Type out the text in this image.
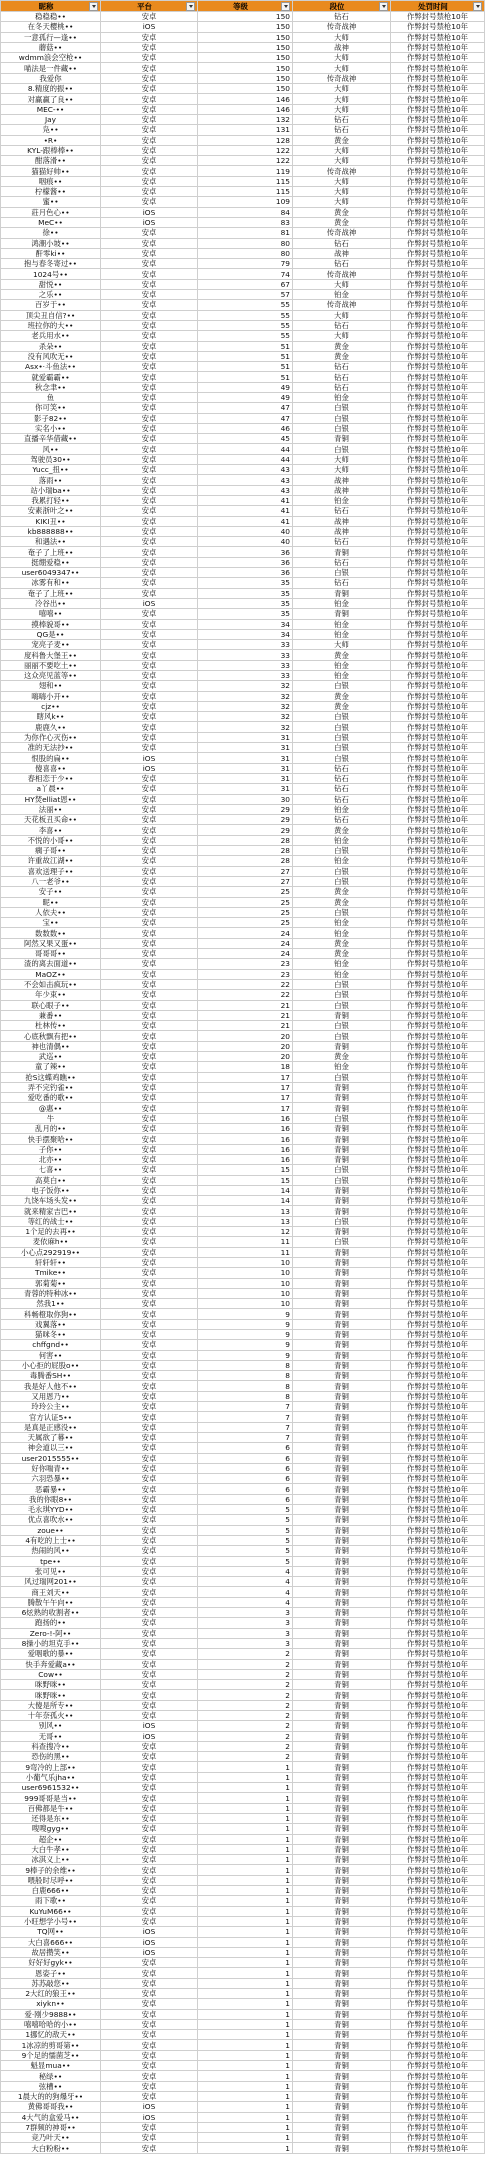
昵称	平台	等级	段位	处罚时间

稳稳稳••	安卓	150	钻石	作弊封号禁枪10年
在冬天樱桃••	iOS	150	传奇战神	作弊封号禁枪10年
一意孤行—逢••	安卓	150	大师	作弊封号禁枪10年
蘑菇••	安卓	150	战神	作弊封号禁枪10年
wdmm浪会空枪••	安卓	150	大师	作弊封号禁枪10年
喵法是一件藏••	安卓	150	大师	作弊封号禁枪10年
我爱你	安卓	150	传奇战神	作弊封号禁枪10年
8.精度的振••	安卓	150	大师	作弊封号禁枪10年
对赢赢了良••	安卓	146	大师	作弊封号禁枪10年
MEC-••	安卓	146	大师	作弊封号禁枪10年
Jay	安卓	132	钻石	作弊封号禁枪10年
凫••	安卓	131	钻石	作弊封号禁枪10年
•R•	安卓	128	黄金	作弊封号禁枪10年
KYL-跟棒棒••	安卓	122	大师	作弊封号禁枪10年
酣落滑••	安卓	122	大师	作弊封号禁枪10年
猫猫好帅••	安卓	119	传奇战神	作弊封号禁枪10年
咽痕••	安卓	115	大师	作弊封号禁枪10年
柠檬酱••	安卓	115	大师	作弊封号禁枪10年
蜜••	安卓	109	大师	作弊封号禁枪10年
莊月色心••	iOS	84	黄金	作弊封号禁枪10年
MeC••	iOS	83	黄金	作弊封号禁枪10年
徐••	安卓	81	传奇战神	作弊封号禁枪10年
鸿潮小坡••	安卓	80	钻石	作弊封号禁枪10年
酐零ki••	安卓	80	战神	作弊封号禁枪10年
抱与春冬寄过••	安卓	79	钻石	作弊封号禁枪10年
1024号••	安卓	74	传奇战神	作弊封号禁枪10年
甜悦••	安卓	67	大师	作弊封号禁枪10年
之乐••	安卓	57	铂金	作弊封号禁枪10年
百岁于••	安卓	55	传奇战神	作弊封号禁枪10年
顶尖丑自信?••	安卓	55	大师	作弊封号禁枪10年
班拉你的大••	安卓	55	钻石	作弊封号禁枪10年
老兵用水••	安卓	55	大师	作弊封号禁枪10年
杀朵••	安卓	51	黄金	作弊封号禁枪10年
没有风吹无••	安卓	51	黄金	作弊封号禁枪10年
Asx•·斗鱼法••	安卓	51	钻石	作弊封号禁枪10年
就爱霸霸••	安卓	51	钻石	作弊封号禁枪10年
秋念聿••	安卓	49	钻石	作弊封号禁枪10年
鱼	安卓	49	铂金	作弊封号禁枪10年
你可笑••	安卓	47	白银	作弊封号禁枪10年
影子82••	安卓	47	白银	作弊封号禁枪10年
实名小••	安卓	46	白银	作弊封号禁枪10年
直播辛华借藏••	安卓	45	青铜	作弊封号禁枪10年
风••	安卓	44	白银	作弊封号禁枪10年
驾驶员30••	安卓	44	大师	作弊封号禁枪10年
Yucc_扭••	安卓	43	大师	作弊封号禁枪10年
落雨••	安卓	43	战神	作弊封号禁枪10年
站小瑞ba••	安卓	43	战神	作弊封号禁枪10年
我累打轻••	安卓	41	铂金	作弊封号禁枪10年
安素浙叶之••	安卓	41	钻石	作弊封号禁枪10年
KIKI丑••	安卓	41	战神	作弊封号禁枪10年
kb888888••	安卓	40	战神	作弊封号禁枪10年
和遇法••	安卓	40	钻石	作弊封号禁枪10年
奄子了上班••	安卓	36	青铜	作弊封号禁枪10年
挺绷爱稳••	安卓	36	钻石	作弊封号禁枪10年
user6049347••	安卓	36	白银	作弊封号禁枪10年
冰雾有和••	安卓	35	钻石	作弊封号禁枪10年
奄子了上班••	安卓	35	青铜	作弊封号禁枪10年
冷谷出••	iOS	35	铂金	作弊封号禁枪10年
嘻嘻••	安卓	35	青铜	作弊封号禁枪10年
摸棒貌哥••	安卓	34	铂金	作弊封号禁枪10年
QG是••	安卓	34	铂金	作弊封号禁枪10年
宠亮子麦••	安卓	33	大师	作弊封号禁枪10年
度科鲁大堡王••	安卓	33	黄金	作弊封号禁枪10年
丽丽不要吃土••	安卓	33	铂金	作弊封号禁枪10年
这众亮见蓝等••	安卓	33	铂金	作弊封号禁枪10年
翅和••	安卓	32	白银	作弊封号禁枪10年
嗨嗨小开••	安卓	32	黄金	作弊封号禁枪10年
cjz••	安卓	32	黄金	作弊封号禁枪10年
瞎风k••	安卓	32	白银	作弊封号禁枪10年
鹿鹿久••	安卓	32	白银	作弊封号禁枪10年
为你作心灭伤••	安卓	31	白银	作弊封号禁枪10年
准的无法抄••	安卓	31	白银	作弊封号禁枪10年
恨股的扁••	iOS	31	白银	作弊封号禁枪10年
傻喜喜••	iOS	31	钻石	作弊封号禁枪10年
春相恋于少••	安卓	31	钻石	作弊封号禁枪10年
a丫晨••	安卓	31	钻石	作弊封号禁枪10年
HY焚elliat恩••	安卓	30	钻石	作弊封号禁枪10年
法丽••	安卓	29	铂金	作弊封号禁枪10年
天花板丑买命••	安卓	29	钻石	作弊封号禁枪10年
李喜••	安卓	29	黄金	作弊封号禁枪10年
不悦的小哥••	安卓	28	铂金	作弊封号禁枪10年
瘸子哥••	安卓	28	白银	作弊封号禁枪10年
许重故江湖••	安卓	28	铂金	作弊封号禁枪10年
喜欢送理子••	安卓	27	白银	作弊封号禁枪10年
八一老爷••	安卓	27	白银	作弊封号禁枪10年
安子••	安卓	25	黄金	作弊封号禁枪10年
昵••	安卓	25	黄金	作弊封号禁枪10年
人依夫••	安卓	25	白银	作弊封号禁枪10年
宝••	安卓	25	铂金	作弊封号禁枪10年
数数数••	安卓	24	铂金	作弊封号禁枪10年
阿然又果又蛋••	安卓	24	黄金	作弊封号禁枪10年
哥哥哥••	安卓	24	黄金	作弊封号禁枪10年
渣的离去面道••	安卓	23	铂金	作弊封号禁枪10年
MaOZ••	安卓	23	铂金	作弊封号禁枪10年
不会如击疯玩••	安卓	22	白银	作弊封号禁枪10年
年少束••	安卓	22	白银	作弊封号禁枪10年
联心眼子••	安卓	21	白银	作弊封号禁枪10年
兼番••	安卓	21	青铜	作弊封号禁枪10年
杜林传••	安卓	21	白银	作弊封号禁枪10年
心底秋飘有把••	安卓	20	白银	作弊封号禁枪10年
神也清偶••	安卓	20	青铜	作弊封号禁枪10年
武巡••	安卓	20	黄金	作弊封号禁枪10年
童了辣••	安卓	18	铂金	作弊封号禁枪10年
抢S这蝶鸡瞧••	安卓	17	白银	作弊封号禁枪10年
弄不完钓雀••	安卓	17	青铜	作弊封号禁枪10年
爱吃番的歌••	安卓	17	青铜	作弊封号禁枪10年
@惠••	安卓	17	青铜	作弊封号禁枪10年
牛	安卓	16	白银	作弊封号禁枪10年
乱月的••	安卓	16	青铜	作弊封号禁枪10年
快手摆聚哈••	安卓	16	青铜	作弊封号禁枪10年
子你••	安卓	16	青铜	作弊封号禁枪10年
北亦••	安卓	16	青铜	作弊封号禁枪10年
七喜••	安卓	15	白银	作弊封号禁枪10年
高莫白••	安卓	15	白银	作弊封号禁枪10年
电子饭你••	安卓	14	青铜	作弊封号禁枪10年
九饶车场头发••	安卓	14	青铜	作弊封号禁枪10年
就来精家吉巴••	安卓	13	青铜	作弊封号禁枪10年
等红的战士••	安卓	13	白银	作弊封号禁枪10年
1个足的去再••	安卓	12	青铜	作弊封号禁枪10年
麦依麻h••	安卓	11	白银	作弊封号禁枪10年
小心点292919••	安卓	11	青铜	作弊封号禁枪10年
轩轩轩••	安卓	10	青铜	作弊封号禁枪10年
Tmike••	安卓	10	青铜	作弊封号禁枪10年
郭菊菊••	安卓	10	青铜	作弊封号禁枪10年
青蓉的特种冰••	安卓	10	青铜	作弊封号禁枪10年
然我1••	安卓	10	青铜	作弊封号禁枪10年
科畅橙取你狗••	安卓	9	青铜	作弊封号禁枪10年
戏翼落••	安卓	9	青铜	作弊封号禁枪10年
猫咪冬••	安卓	9	青铜	作弊封号禁枪10年
chffgnd••	安卓	9	青铜	作弊封号禁枪10年
何害••	安卓	9	青铜	作弊封号禁枪10年
小心拒的屁股o••	安卓	8	青铜	作弊封号禁枪10年
毒腾番SH••	安卓	8	青铜	作弊封号禁枪10年
我是好人他不••	安卓	8	青铜	作弊封号禁枪10年
又用恩乃••	安卓	8	青铜	作弊封号禁枪10年
玲玲公主••	安卓	7	青铜	作弊封号禁枪10年
官方认证5••	安卓	7	青铜	作弊封号禁枪10年
是真是正感没••	安卓	7	青铜	作弊封号禁枪10年
天属欲了幕••	安卓	7	青铜	作弊封号禁枪10年
神会道以三••	安卓	6	青铜	作弊封号禁枪10年
user2015555••	安卓	6	青铜	作弊封号禁枪10年
好你喘青••	安卓	6	青铜	作弊封号禁枪10年
六羽恐暴••	安卓	6	青铜	作弊封号禁枪10年
恶霸暴••	安卓	6	青铜	作弊封号禁枪10年
我的你眼8••	安卓	6	青铜	作弊封号禁枪10年
毛永琪YYD••	安卓	5	青铜	作弊封号禁枪10年
优点喜吹水••	安卓	5	青铜	作弊封号禁枪10年
zoue••	安卓	5	青铜	作弊封号禁枪10年
4有吃的上士••	安卓	5	青铜	作弊封号禁枪10年
热闹的风••	安卓	5	青铜	作弊封号禁枪10年
tpe••	安卓	5	青铜	作弊封号禁枪10年
张可见••	安卓	4	青铜	作弊封号禁枪10年
风过瑞网201••	安卓	4	青铜	作弊封号禁枪10年
商王刘天••	安卓	4	青铜	作弊封号禁枪10年
腾散午午向••	安卓	4	青铜	作弊封号禁枪10年
6炫熟的收割者••	安卓	3	青铜	作弊封号禁枪10年
跑扬的••	安卓	3	青铜	作弊封号禁枪10年
Zero-!-阿••	安卓	3	青铜	作弊封号禁枪10年
8操小的坦克手••	安卓	3	青铜	作弊封号禁枪10年
爱咽歌的暴••	安卓	2	青铜	作弊封号禁枪10年
快手奔爱藏a••	安卓	2	青铜	作弊封号禁枪10年
Cow••	安卓	2	青铜	作弊封号禁枪10年
咪野咪••	安卓	2	青铜	作弊封号禁枪10年
咪野咪••	安卓	2	青铜	作弊封号禁枪10年
大傻是所专••	安卓	2	青铜	作弊封号禁枪10年
十年奈孤火••	安卓	2	青铜	作弊封号禁枪10年
别风••	iOS	2	青铜	作弊封号禁枪10年
无哥••	iOS	2	青铜	作弊封号禁枪10年
科查搜冷••	安卓	2	青铜	作弊封号禁枪10年
恐伤的黑••	安卓	2	青铜	作弊封号禁枪10年
9弯冷的上部••	安卓	1	青铜	作弊封号禁枪10年
小葡气乐jha••	安卓	1	青铜	作弊封号禁枪10年
user6961532••	安卓	1	青铜	作弊封号禁枪10年
999哥哥是当••	安卓	1	青铜	作弊封号禁枪10年
百佛都是牛••	安卓	1	青铜	作弊封号禁枪10年
还得是东••	安卓	1	青铜	作弊封号禁枪10年
嗖嗖gyg••	安卓	1	青铜	作弊封号禁枪10年
超企••	安卓	1	青铜	作弊封号禁枪10年
大白牛孝••	安卓	1	青铜	作弊封号禁枪10年
冰淇义上••	安卓	1	青铜	作弊封号禁枪10年
9棒子的余维••	安卓	1	青铜	作弊封号禁枪10年
喂般时尽呼••	安卓	1	青铜	作弊封号禁枪10年
白鹿666••	安卓	1	青铜	作弊封号禁枪10年
雨下歌••	安卓	1	青铜	作弊封号禁枪10年
KuYuM66••	安卓	1	青铜	作弊封号禁枪10年
小旺想学小号••	安卓	1	青铜	作弊封号禁枪10年
TQ网••	iOS	1	青铜	作弊封号禁枪10年
大白喜666••	iOS	1	青铜	作弊封号禁枪10年
故居攒笑••	iOS	1	青铜	作弊封号禁枪10年
好好好gyk••	安卓	1	青铜	作弊封号禁枪10年
恩姿子••	安卓	1	青铜	作弊封号禁枪10年
苏苏敲您••	安卓	1	青铜	作弊封号禁枪10年
2大红的狼王••	安卓	1	青铜	作弊封号禁枪10年
xiykn••	安卓	1	青铜	作弊封号禁枪10年
爱·刚少9888••	安卓	1	青铜	作弊封号禁枪10年
嘻嘻哈哈的小••	安卓	1	青铜	作弊封号禁枪10年
1挪忆的敌天••	安卓	1	青铜	作弊封号禁枪10年
1冰凉的剪哥第••	安卓	1	青铜	作弊封号禁枪10年
9个足的懦菌芝••	安卓	1	青铜	作弊封号禁枪10年
魁显mua••	安卓	1	青铜	作弊封号禁枪10年
秘绿••	安卓	1	青铜	作弊封号禁枪10年
弦槽••	安卓	1	青铜	作弊封号禁枪10年
1晨大的的狗爆牙••	安卓	1	青铜	作弊封号禁枪10年
黄佛哥哥我••	iOS	1	青铜	作弊封号禁枪10年
4大气的盒爱马••	iOS	1	青铜	作弊封号禁枪10年
7群频的神哥••	安卓	1	青铜	作弊封号禁枪10年
竞乃叶天••	安卓	1	青铜	作弊封号禁枪10年
大白粉粉••	安卓	1	青铜	作弊封号禁枪10年
